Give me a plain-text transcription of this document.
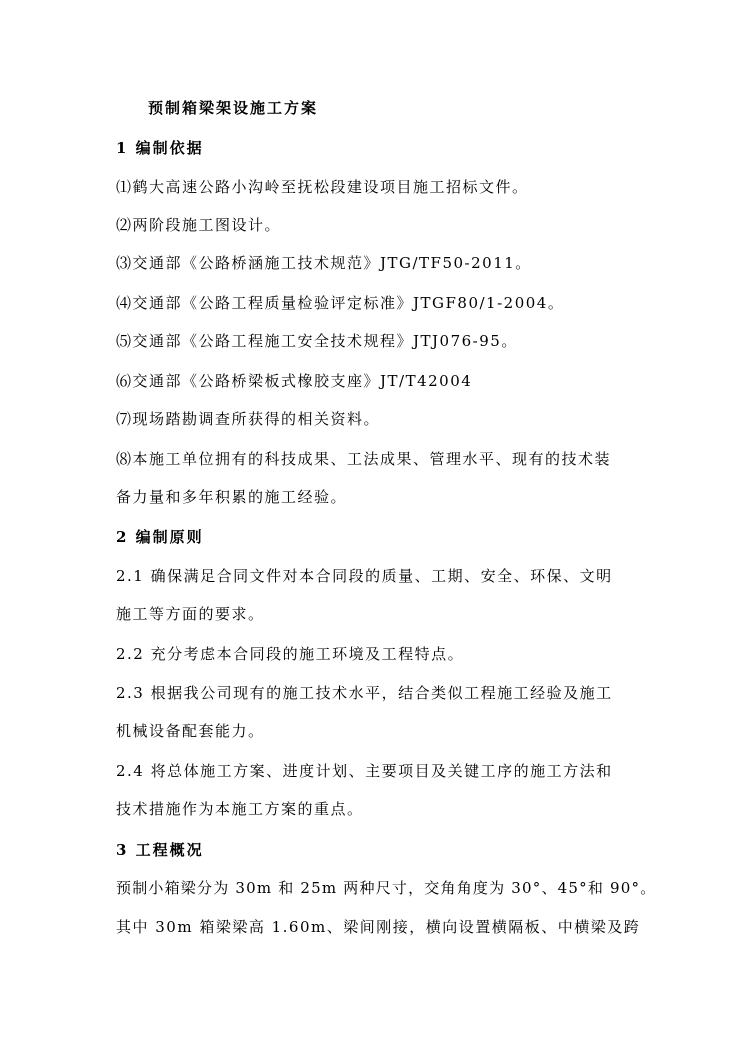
预制箱梁架设施工方案
1 编制依据
⑴鹤大高速公路小沟岭至抚松段建设项目施工招标文件。
⑵两阶段施工图设计。
⑶交通部《公路桥涵施工技术规范》JTG/TF50-2011。
⑷交通部《公路工程质量检验评定标准》JTGF80/1-2004。
⑸交通部《公路工程施工安全技术规程》JTJ076-95。
⑹交通部《公路桥梁板式橡胶支座》JT/T42004
⑺现场踏勘调查所获得的相关资料。
⑻本施工单位拥有的科技成果、工法成果、管理水平、现有的技术装
备力量和多年积累的施工经验。
2 编制原则
2.1 确保满足合同文件对本合同段的质量、工期、安全、环保、文明
施工等方面的要求。
2.2 充分考虑本合同段的施工环境及工程特点。
2.3 根据我公司现有的施工技术水平，结合类似工程施工经验及施工
机械设备配套能力。
2.4 将总体施工方案、进度计划、主要项目及关键工序的施工方法和
技术措施作为本施工方案的重点。
3 工程概况
预制小箱梁分为 30m 和 25m 两种尺寸，交角角度为 30°、45°和 90°。
其中 30m 箱梁梁高 1.60m、梁间刚接，横向设置横隔板、中横梁及跨
